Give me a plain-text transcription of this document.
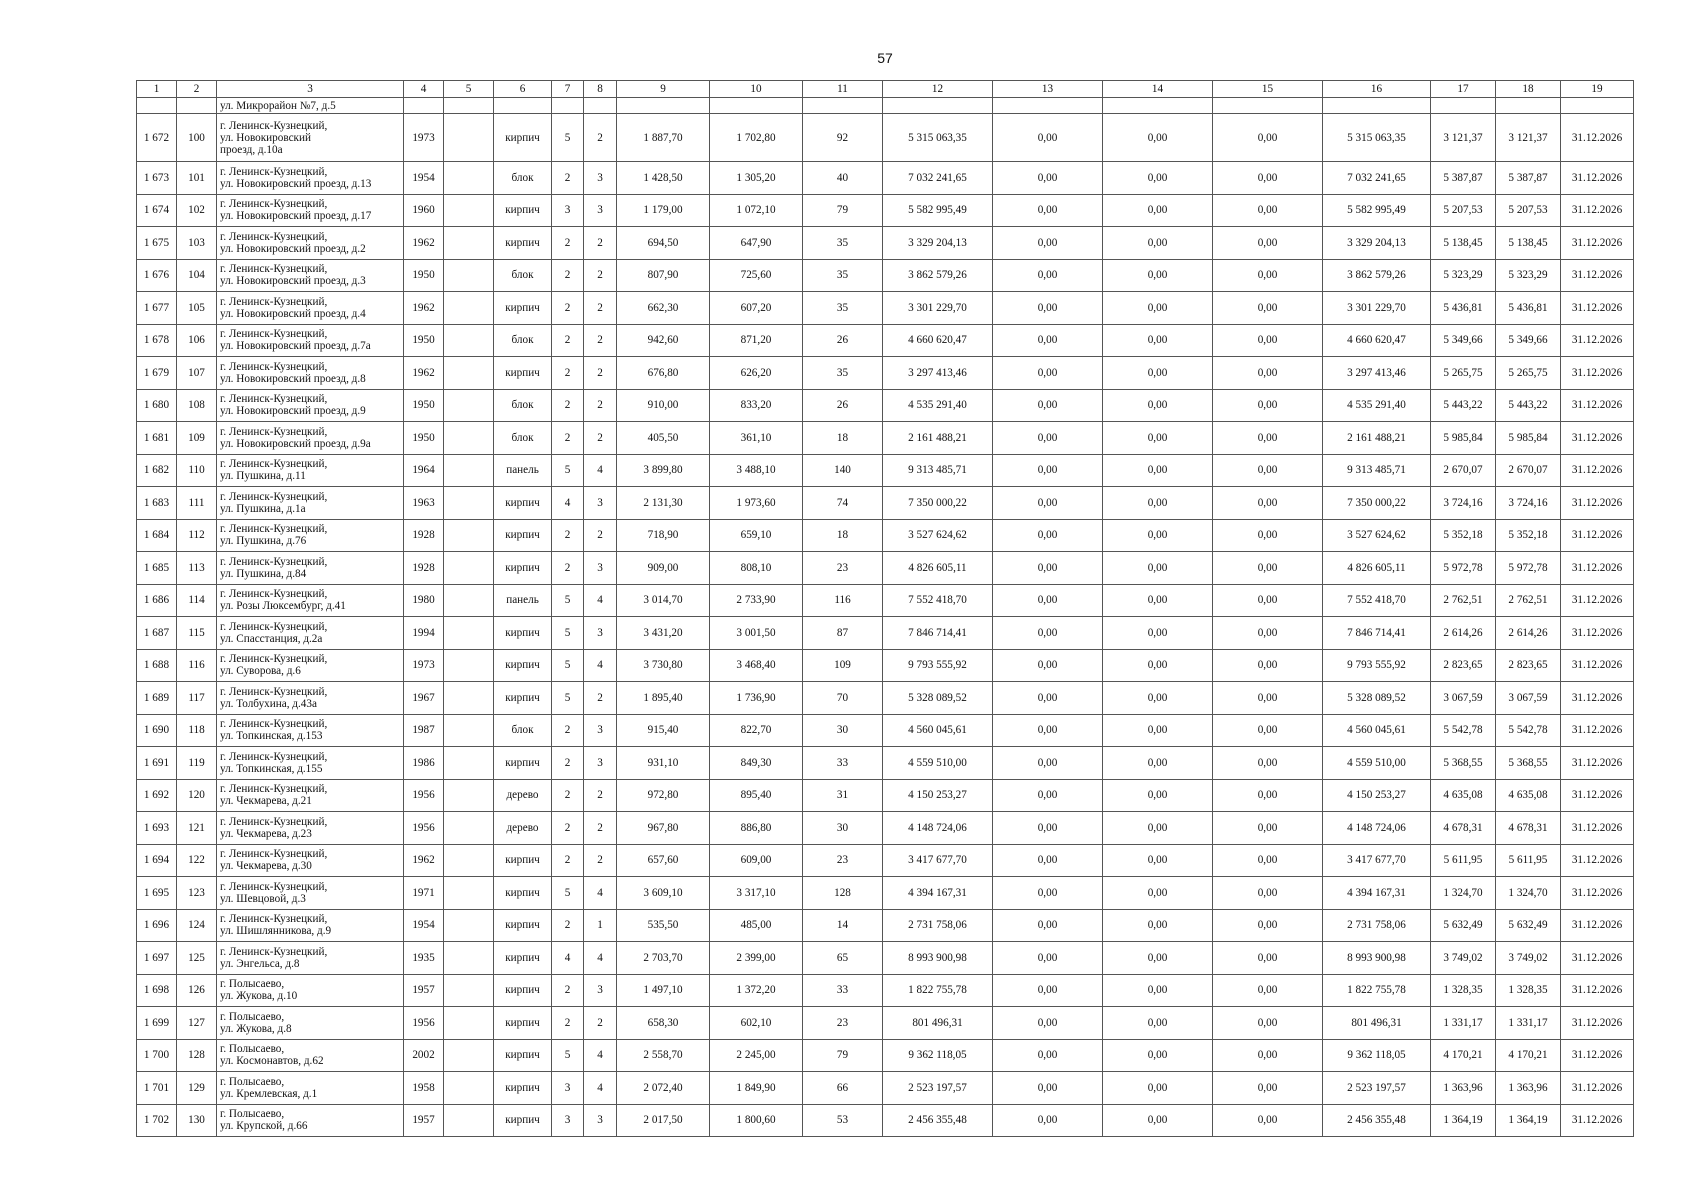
57
1	2	3	4	5	6	7	8	9	10	11	12	13	14	15	16	17	18	19
		ул. Микрорайон №7, д.5																
1 672	100	г. Ленинск-Кузнецкий,
ул. Новокировский
проезд, д.10а	1973		кирпич	5	2	1 887,70	1 702,80	92	5 315 063,35	0,00	0,00	0,00	5 315 063,35	3 121,37	3 121,37	31.12.2026
1 673	101	г. Ленинск-Кузнецкий,
ул. Новокировский проезд, д.13	1954		блок	2	3	1 428,50	1 305,20	40	7 032 241,65	0,00	0,00	0,00	7 032 241,65	5 387,87	5 387,87	31.12.2026
1 674	102	г. Ленинск-Кузнецкий,
ул. Новокировский проезд, д.17	1960		кирпич	3	3	1 179,00	1 072,10	79	5 582 995,49	0,00	0,00	0,00	5 582 995,49	5 207,53	5 207,53	31.12.2026
1 675	103	г. Ленинск-Кузнецкий,
ул. Новокировский проезд, д.2	1962		кирпич	2	2	694,50	647,90	35	3 329 204,13	0,00	0,00	0,00	3 329 204,13	5 138,45	5 138,45	31.12.2026
1 676	104	г. Ленинск-Кузнецкий,
ул. Новокировский проезд, д.3	1950		блок	2	2	807,90	725,60	35	3 862 579,26	0,00	0,00	0,00	3 862 579,26	5 323,29	5 323,29	31.12.2026
1 677	105	г. Ленинск-Кузнецкий,
ул. Новокировский проезд, д.4	1962		кирпич	2	2	662,30	607,20	35	3 301 229,70	0,00	0,00	0,00	3 301 229,70	5 436,81	5 436,81	31.12.2026
1 678	106	г. Ленинск-Кузнецкий,
ул. Новокировский проезд, д.7а	1950		блок	2	2	942,60	871,20	26	4 660 620,47	0,00	0,00	0,00	4 660 620,47	5 349,66	5 349,66	31.12.2026
1 679	107	г. Ленинск-Кузнецкий,
ул. Новокировский проезд, д.8	1962		кирпич	2	2	676,80	626,20	35	3 297 413,46	0,00	0,00	0,00	3 297 413,46	5 265,75	5 265,75	31.12.2026
1 680	108	г. Ленинск-Кузнецкий,
ул. Новокировский проезд, д.9	1950		блок	2	2	910,00	833,20	26	4 535 291,40	0,00	0,00	0,00	4 535 291,40	5 443,22	5 443,22	31.12.2026
1 681	109	г. Ленинск-Кузнецкий,
ул. Новокировский проезд, д.9а	1950		блок	2	2	405,50	361,10	18	2 161 488,21	0,00	0,00	0,00	2 161 488,21	5 985,84	5 985,84	31.12.2026
1 682	110	г. Ленинск-Кузнецкий,
ул. Пушкина, д.11	1964		панель	5	4	3 899,80	3 488,10	140	9 313 485,71	0,00	0,00	0,00	9 313 485,71	2 670,07	2 670,07	31.12.2026
1 683	111	г. Ленинск-Кузнецкий,
ул. Пушкина, д.1а	1963		кирпич	4	3	2 131,30	1 973,60	74	7 350 000,22	0,00	0,00	0,00	7 350 000,22	3 724,16	3 724,16	31.12.2026
1 684	112	г. Ленинск-Кузнецкий,
ул. Пушкина, д.76	1928		кирпич	2	2	718,90	659,10	18	3 527 624,62	0,00	0,00	0,00	3 527 624,62	5 352,18	5 352,18	31.12.2026
1 685	113	г. Ленинск-Кузнецкий,
ул. Пушкина, д.84	1928		кирпич	2	3	909,00	808,10	23	4 826 605,11	0,00	0,00	0,00	4 826 605,11	5 972,78	5 972,78	31.12.2026
1 686	114	г. Ленинск-Кузнецкий,
ул. Розы Люксембург, д.41	1980		панель	5	4	3 014,70	2 733,90	116	7 552 418,70	0,00	0,00	0,00	7 552 418,70	2 762,51	2 762,51	31.12.2026
1 687	115	г. Ленинск-Кузнецкий,
ул. Спасстанция, д.2а	1994		кирпич	5	3	3 431,20	3 001,50	87	7 846 714,41	0,00	0,00	0,00	7 846 714,41	2 614,26	2 614,26	31.12.2026
1 688	116	г. Ленинск-Кузнецкий,
ул. Суворова, д.6	1973		кирпич	5	4	3 730,80	3 468,40	109	9 793 555,92	0,00	0,00	0,00	9 793 555,92	2 823,65	2 823,65	31.12.2026
1 689	117	г. Ленинск-Кузнецкий,
ул. Толбухина, д.43а	1967		кирпич	5	2	1 895,40	1 736,90	70	5 328 089,52	0,00	0,00	0,00	5 328 089,52	3 067,59	3 067,59	31.12.2026
1 690	118	г. Ленинск-Кузнецкий,
ул. Топкинская, д.153	1987		блок	2	3	915,40	822,70	30	4 560 045,61	0,00	0,00	0,00	4 560 045,61	5 542,78	5 542,78	31.12.2026
1 691	119	г. Ленинск-Кузнецкий,
ул. Топкинская, д.155	1986		кирпич	2	3	931,10	849,30	33	4 559 510,00	0,00	0,00	0,00	4 559 510,00	5 368,55	5 368,55	31.12.2026
1 692	120	г. Ленинск-Кузнецкий,
ул. Чекмарева, д.21	1956		дерево	2	2	972,80	895,40	31	4 150 253,27	0,00	0,00	0,00	4 150 253,27	4 635,08	4 635,08	31.12.2026
1 693	121	г. Ленинск-Кузнецкий,
ул. Чекмарева, д.23	1956		дерево	2	2	967,80	886,80	30	4 148 724,06	0,00	0,00	0,00	4 148 724,06	4 678,31	4 678,31	31.12.2026
1 694	122	г. Ленинск-Кузнецкий,
ул. Чекмарева, д.30	1962		кирпич	2	2	657,60	609,00	23	3 417 677,70	0,00	0,00	0,00	3 417 677,70	5 611,95	5 611,95	31.12.2026
1 695	123	г. Ленинск-Кузнецкий,
ул. Шевцовой, д.3	1971		кирпич	5	4	3 609,10	3 317,10	128	4 394 167,31	0,00	0,00	0,00	4 394 167,31	1 324,70	1 324,70	31.12.2026
1 696	124	г. Ленинск-Кузнецкий,
ул. Шишлянникова, д.9	1954		кирпич	2	1	535,50	485,00	14	2 731 758,06	0,00	0,00	0,00	2 731 758,06	5 632,49	5 632,49	31.12.2026
1 697	125	г. Ленинск-Кузнецкий,
ул. Энгельса, д.8	1935		кирпич	4	4	2 703,70	2 399,00	65	8 993 900,98	0,00	0,00	0,00	8 993 900,98	3 749,02	3 749,02	31.12.2026
1 698	126	г. Полысаево,
ул. Жукова, д.10	1957		кирпич	2	3	1 497,10	1 372,20	33	1 822 755,78	0,00	0,00	0,00	1 822 755,78	1 328,35	1 328,35	31.12.2026
1 699	127	г. Полысаево,
ул. Жукова, д.8	1956		кирпич	2	2	658,30	602,10	23	801 496,31	0,00	0,00	0,00	801 496,31	1 331,17	1 331,17	31.12.2026
1 700	128	г. Полысаево,
ул. Космонавтов, д.62	2002		кирпич	5	4	2 558,70	2 245,00	79	9 362 118,05	0,00	0,00	0,00	9 362 118,05	4 170,21	4 170,21	31.12.2026
1 701	129	г. Полысаево,
ул. Кремлевская, д.1	1958		кирпич	3	4	2 072,40	1 849,90	66	2 523 197,57	0,00	0,00	0,00	2 523 197,57	1 363,96	1 363,96	31.12.2026
1 702	130	г. Полысаево,
ул. Крупской, д.66	1957		кирпич	3	3	2 017,50	1 800,60	53	2 456 355,48	0,00	0,00	0,00	2 456 355,48	1 364,19	1 364,19	31.12.2026
